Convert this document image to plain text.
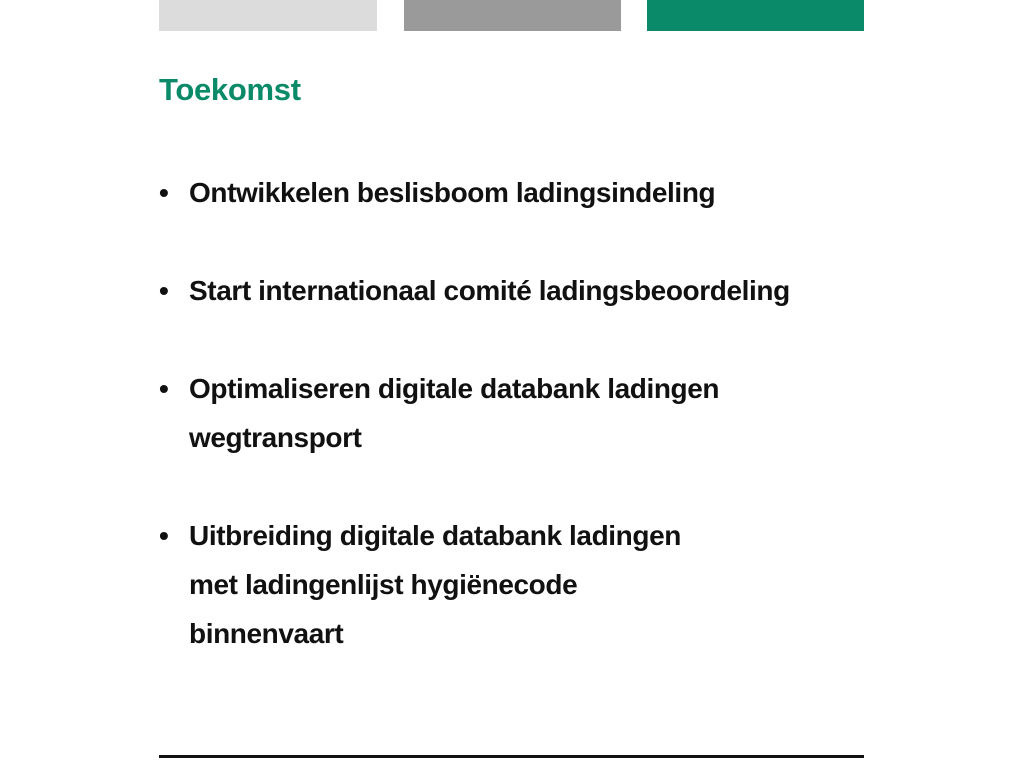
Toekomst
• Ontwikkelen beslisboom ladingsindeling
• Start internationaal comité ladingsbeoordeling
• Optimaliseren digitale databank ladingen
wegtransport
• Uitbreiding digitale databank ladingen
met ladingenlijst hygiënecode
binnenvaart
